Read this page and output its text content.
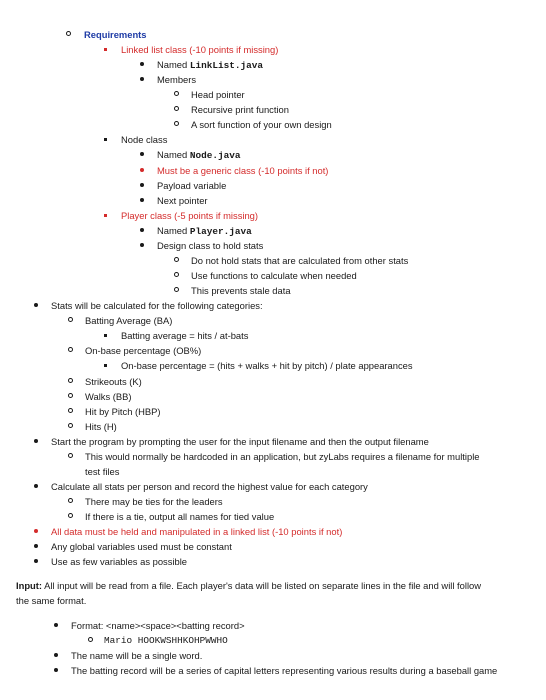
Requirements
Linked list class (-10 points if missing)
Named LinkList.java
Members
Head pointer
Recursive print function
A sort function of your own design
Node class
Named Node.java
Must be a generic class (-10 points if not)
Payload variable
Next pointer
Player class (-5 points if missing)
Named Player.java
Design class to hold stats
Do not hold stats that are calculated from other stats
Use functions to calculate when needed
This prevents stale data
Stats will be calculated for the following categories:
Batting Average (BA)
Batting average = hits / at-bats
On-base percentage (OB%)
On-base percentage = (hits + walks + hit by pitch) / plate appearances
Strikeouts (K)
Walks (BB)
Hit by Pitch (HBP)
Hits (H)
Start the program by prompting the user for the input filename and then the output filename
This would normally be hardcoded in an application, but zyLabs requires a filename for multiple
test files
Calculate all stats per person and record the highest value for each category
There may be ties for the leaders
If there is a tie, output all names for tied value
All data must be held and manipulated in a linked list (-10 points if not)
Any global variables used must be constant
Use as few variables as possible
Input: All input will be read from a file. Each player's data will be listed on separate lines in the file and will follow
the same format.
Format: <name><space><batting record>
Mario HOOKWSHHKOHPWWHO
The name will be a single word.
The batting record will be a series of capital letters representing various results during a baseball game
